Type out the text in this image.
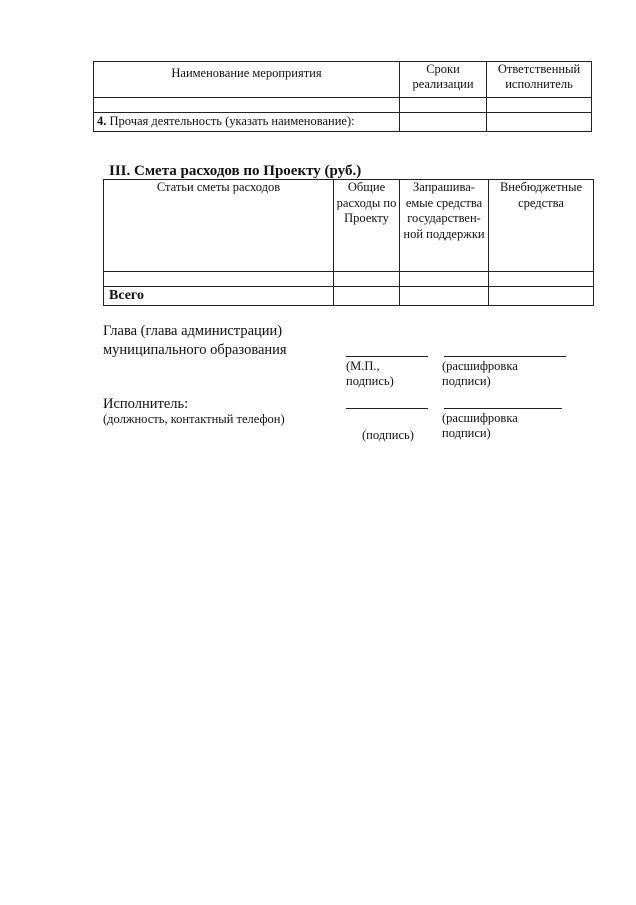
Наименование мероприятия	Сроки реализации	Ответственный исполнитель

4. Прочая деятельность (указать наименование):		

III. Смета расходов по Проекту (руб.)

Статьи сметы расходов	Общие расходы по Проекту	Запрашива-емые средства государствен-ной поддержки	Внебюджетные средства

Всего			

Глава (глава администрации)

муниципального образования

(М.П., подпись)

(расшифровка подписи)

Исполнитель:

(должность, контактный телефон)	(расшифровка подписи)

(подпись)
